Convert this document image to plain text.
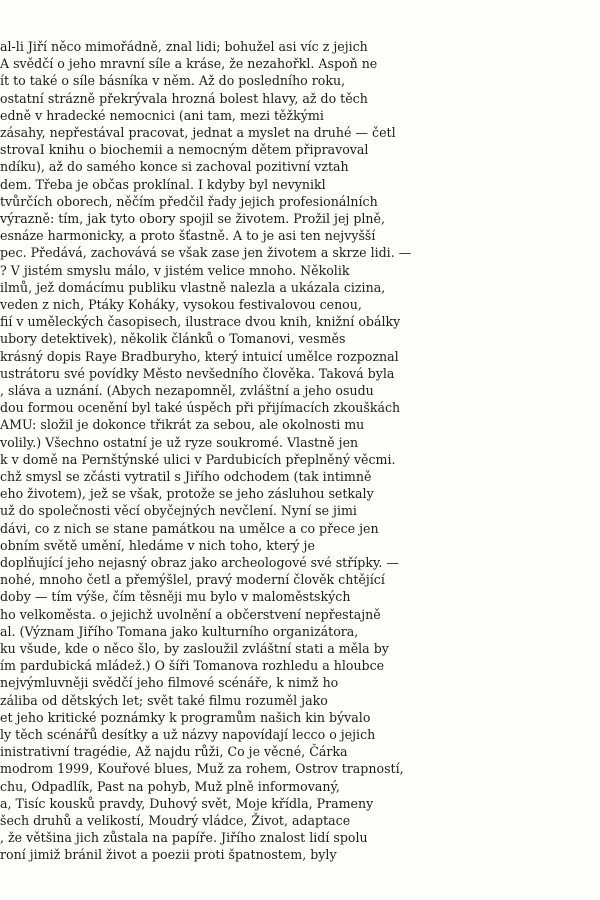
al-li Jiří něco mimořádně, znal lidi; bohužel asi víc z jejich
A svědčí o jeho mravní síle a kráse, že nezahořkl. Aspoň ne
ít to také o síle básníka v něm. Až do posledního roku,
ostatní strázně překrývala hrozná bolest hlavy, až do těch
edně v hradecké nemocnici (ani tam, mezi těžkými
zásahy, nepřestával pracovat, jednat a myslet na druhé — četl
strovaI knihu o biochemii a nemocným dětem připravoval
ndíku), až do samého konce si zachoval pozitivní vztah
dem. Třeba je občas proklínal. I kdyby byl nevynikl
tvůrčích oborech, něčím předčil řady jejich profesionálních
výrazně: tím, jak tyto obory spojil se životem. Prožil jej plně,
esnáze harmonicky, a proto šťastně. A to je asi ten nejvyšší
pec. Předává, zachovává se však zase jen životem a skrze lidi. —
? V jistém smyslu málo, v jistém velice mnoho. Několik
ilmů, jež domácímu publiku vlastně nalezla a ukázala cizina,
veden z nich, Ptáky Kohákу, vysokou festivalovou cenou,
fií v uměleckých časopisech, ilustrace dvou knih, knižní obálky
ubory detektivek), několik článků o Tomanovi, vesměs
krásný dopis Raye Bradburyho, který intuicí umělce rozpoznal
ustrátoru své povídky Město nevšedního člověka. Taková byla
, sláva a uznání. (Abych nezapomněl, zvláštní a jeho osudu
dou formou ocenění byl také úspěch při přijímacích zkouškách
AMU: složil je dokonce třikrát za sebou, ale okolnosti mu
volily.) Všechno ostatní je už ryze soukromé. Vlastně jen
k v domě na Pernštýnské ulici v Pardubicích přeplněný věcmi.
chž smysl se zčásti vytratil s Jiřího odchodem (tak intimně
eho životem), jež se však, protože se jeho zásluhou setkaly
už do společnosti věcí obyčejných nevčlení. Nyní se jimi
dávi, co z nich se stane památkou na umělce a co přece jen
obním světě umění, hledáme v nich toho, který je
doplňující jeho nejasný obraz jako archeologové své střípky. —
nohé, mnoho četl a přemýšlel, pravý moderní člověk chtějící
doby — tím výše, čím těsněji mu bylo v maloměstských
ho velkoměsta. o jejichž uvolnění a občerstvení nepřestajně
al. (Význam Jiřího Tomana jako kulturního organizátora,
ku všude, kde o něco šlo, by zasloužil zvláštní stati a měla by
ím pardubická mládež.) O šíři Tomanova rozhledu a hloubce
nejvýmluvněji svědčí jeho filmové scénáře, k nimž ho
záliba od dětských let; svět také filmu rozuměl jako
et jeho kritické poznámky k programům našich kin bývalo
ly těch scénářů desítky a už názvy napovídají lecco o jejich
inistrativní tragédie, Až najdu růži, Co je věcné, Čárka
modrom 1999, Kouřové blues, Muž za rohem, Ostrov trapností,
chu, Odpadlík, Past na pohyb, Muž plně informovaný,
a, Tisíc kousků pravdy, Duhový svět, Moje křídla, Prameny
šech druhů a velikostí, Moudrý vládce, Život, adaptace
, že většina jich zůstala na papíře. Jiřího znalost lidí spolu
roní jimiž bránil život a poezii proti špatnostem, byly
